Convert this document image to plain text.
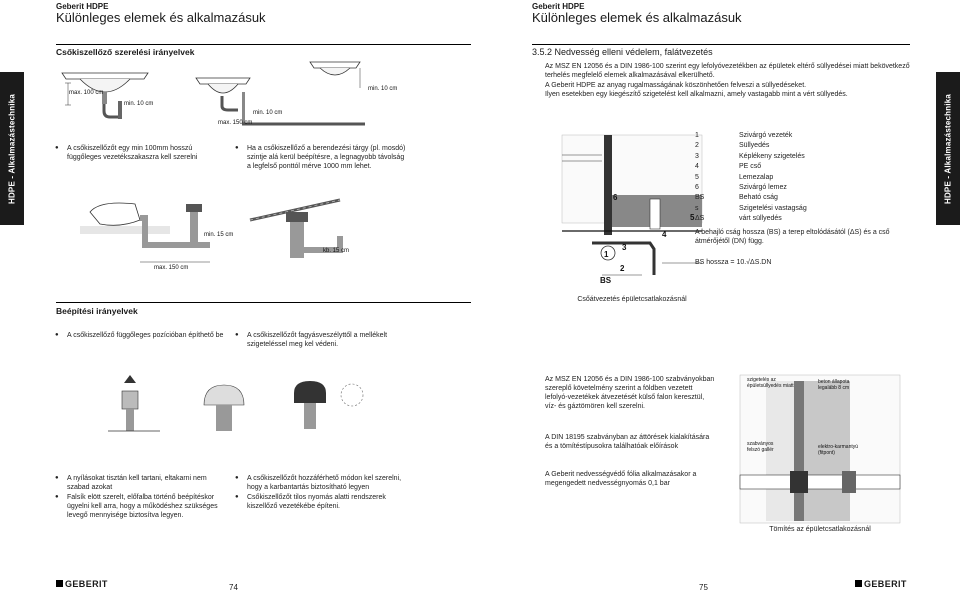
Geberit HDPE
Különleges elemek és alkalmazásuk
Geberit HDPE
Különleges elemek és alkalmazásuk
HDPE - Alkalmazástechnika	HDPE - Alkalmazástechnika
Csőkiszellőző szerelési irányelvek
max. 100 cm
min. 10 cm
min. 10 cm
min. 10 cm
max. 150 cm
● A csőkiszellőzőt egy min 100mm hosszú függőleges vezetékszakaszra kell szerelni
● Ha a csőkiszellőző a berendezési tárgy (pl. mosdó) szintje alá kerül beépítésre, a legnagyobb távolság a legfelső ponttól mérve 1000 mm lehet.
min. 15 cm
max. 150 cm
kb. 15 cm
Beépítési irányelvek
● A csőkiszellőző függőleges pozícióban építhető be
●	A csőkiszellőzőt fagyásveszélyttől a mellékelt szigeteléssel meg kel védeni.
● A nyílásokat tisztán kell tartani, eltakarni nem szabad azokat
● Falsík elött szerelt, előfalba történő beépítéskor ügyelni kell arra, hogy a működéshez szükséges levegő mennyisége biztosítva legyen.
● A csőkiszellőzőt hozzáférhető módon kel szerelni, hogy a karbantartás biztosítható legyen
● Csőkiszellőzőt tilos nyomás alatti rendszerek kiszellőző vezetékébe építeni.
GEBERIT	74
3.5.2 Nedvesség elleni védelem, falátvezetés
Az MSZ EN 12056 és a DIN 1986-100 szerint egy lefolyóvezetékben az épületek eltérő süllyedései miatt bekövetkező terhelés megfelelő elemek alkalmazásával elkerülhető.
A Geberit HDPE az anyag rugalmasságának köszönhetően felveszi a süllyedéseket.
Ilyen esetekben egy kiegészítő szigetelést kell alkalmazni, amely vastagabb mint a vért süllyedés.
6
5
4
3
1
2
BS
1	Szivárgó vezeték
2	Süllyedés
3	Képlékeny szigetelés
4	PE cső
5	Lemezalap
6	Szivárgó lemez
BS	Beható cság
s	Szigetelési vastagság
ΔS	várt süllyedés
A behajló cság hossza (BS) a terep eltolódásától (ΔS) és a cső átmérőjétől (DN) függ.
BS hossza = 10.√ΔS.DN
Csőátvezetés épületcsatlakozásnál
Az MSZ EN 12056 és a DIN 1986-100 szabványokban szereplő követelmény szerint a földben vezetett lefolyó-vezetékek átvezetését külső falon keresztül, víz- és gáztömören kell szerelni.
A DIN 18195 szabványban az áttörések kialakítására és a tömítéstípusokra találhatóak előírások
A Geberit nedvességvédő fólia alkalmazásakor a megengedett nedvességnyomás 0,1 bar
szigetelés az épületsüllyedés miatt
beton állapota legalább 8 cm
szabványos felszó gallér	elektro-karmantyú (fitpont)
Tömítés az épületcsatlakozásnál
75	GEBERIT
